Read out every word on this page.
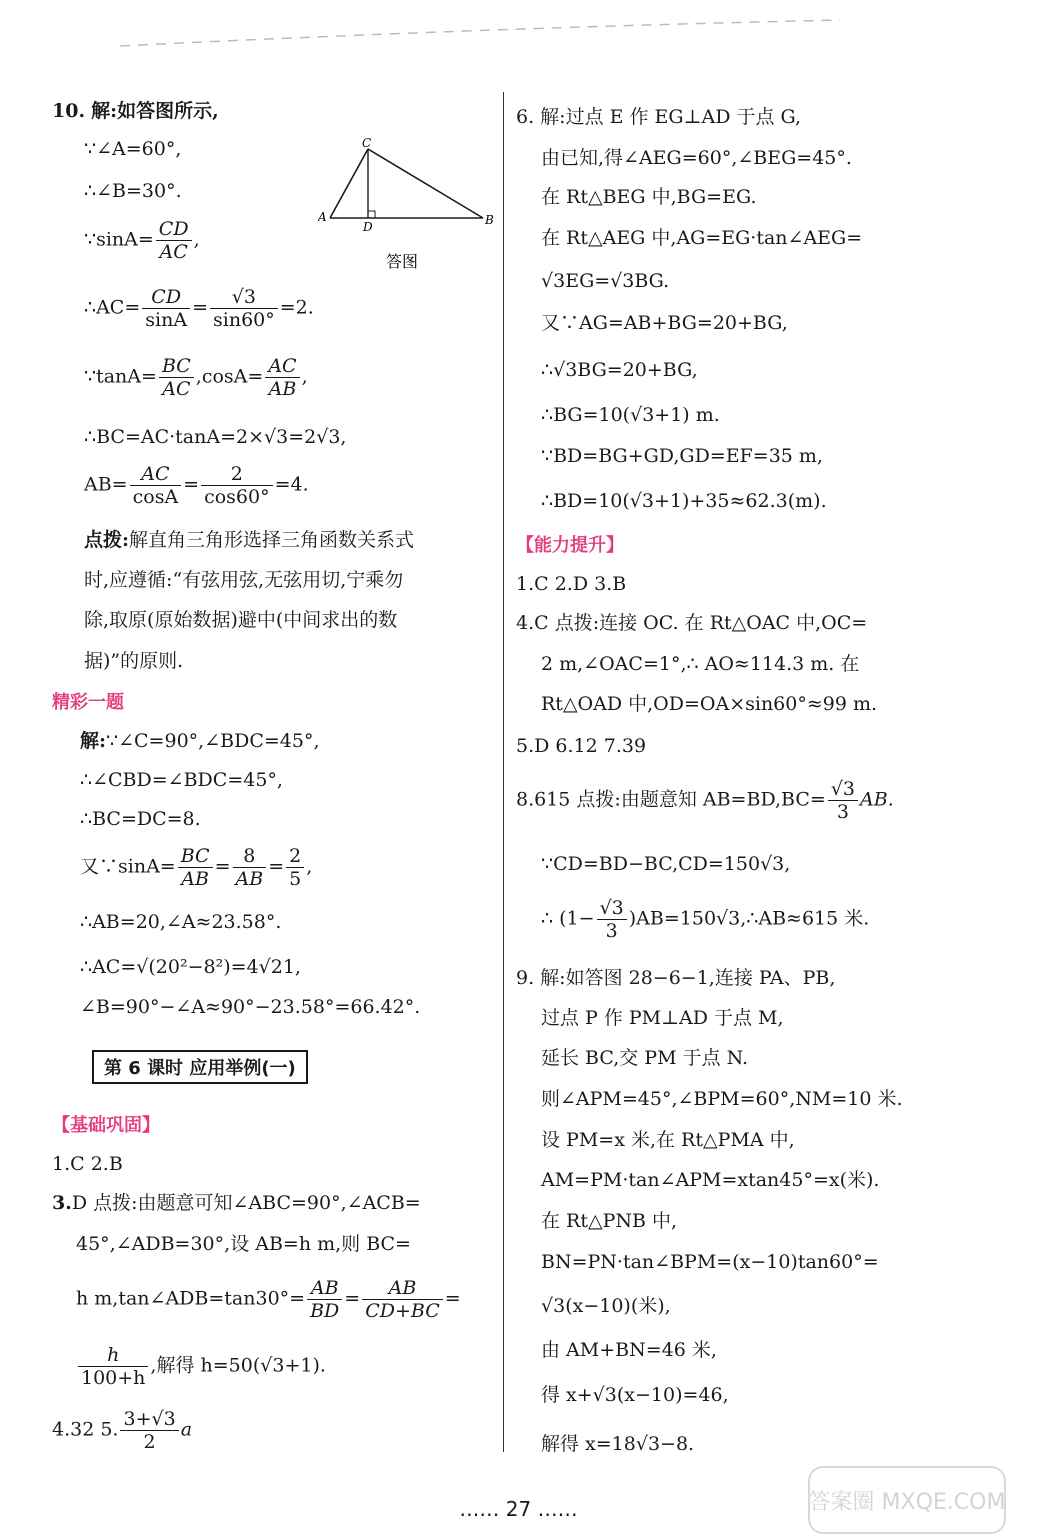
10. 解:如答图所示,
∵∠A=60°,
∴∠B=30°.
∵sinA= $\frac{CD}{AC}$ ,
C
A
D	B
答图
∴AC= $\frac{CD}{\sin A} = \frac{√3}{\sin 60^\circ} =2$.
∵tanA= $\frac{BC}{AC} ,\cos A= \frac{AC}{AB}$ ,
∴BC=AC·tanA=2×√3=2√3,
$AB= \frac{AC}{\cos A} = \frac{2}{\cos 60^\circ} =4$.
点拨:解直角三角形选择三角函数关系式
时,应遵循:“有弦用弦,无弦用切,宁乘勿
除,取原(原始数据)避中(中间求出的数
据)”的原则.
精彩一题
解:∵∠C=90°,∠BDC=45°,
∴∠CBD=∠BDC=45°,
∴BC=DC=8.
又∵sinA= $\frac{BC}{AB} = \frac{8}{AB} = \frac{2}{5}$ ,
∴AB=20,∠A≈23.58°.
∴AC=√(20²−8²)=4√21,
∠B=90°−∠A≈90°−23.58°=66.42°.
第 6 课时 应用举例(一)
【基础巩固】
1.C 2.B
3.D 点拨:由题意可知∠ABC=90°,∠ACB=
45°,∠ADB=30°,设 AB=h m,则 BC=
h m,tan∠ADB=tan30°= $\frac{AB}{BD} = \frac{AB}{CD+BC}$ =
$\frac{h}{100+h}$ ,解得 h=50(√3+1).
4.32 5. $\frac{3+√3}{2}$ a
6. 解:过点 E 作 EG⊥AD 于点 G,
由已知,得∠AEG=60°,∠BEG=45°.
在 Rt△BEG 中,BG=EG.
在 Rt△AEG 中,AG=EG·tan∠AEG=
√3EG=√3BG.
又∵AG=AB+BG=20+BG,
∴√3BG=20+BG,
∴BG=10(√3+1) m.
∵BD=BG+GD,GD=EF=35 m,
∴BD=10(√3+1)+35≈62.3(m).
【能力提升】
1.C 2.D 3.B
4.C 点拨:连接 OC. 在 Rt△OAC 中,OC=
2 m,∠OAC=1°,∴ AO≈114.3 m. 在
Rt△OAD 中,OD=OA×sin60°≈99 m.
5.D 6.12 7.39
8.615 点拨:由题意知 $AB=BD,BC= \frac{√3}{3}$ AB.
∵CD=BD−BC,CD=150√3,
∴ ($1- \frac{√3}{3}$ )AB=150√3,∴AB≈615 米.
9. 解:如答图 28−6−1,连接 PA、PB,
过点 P 作 PM⊥AD 于点 M,
延长 BC,交 PM 于点 N.
则∠APM=45°,∠BPM=60°,NM=10 米.
设 PM=x 米,在 Rt△PMA 中,
AM=PM·tan∠APM=xtan45°=x(米).
在 Rt△PNB 中,
BN=PN·tan∠BPM=(x−10)tan60°=
√3(x−10)(米),
由 AM+BN=46 米,
得 x+√3(x−10)=46,
解得 x=18√3−8.
…… 27 ……	答案圈 MXQE.COM
